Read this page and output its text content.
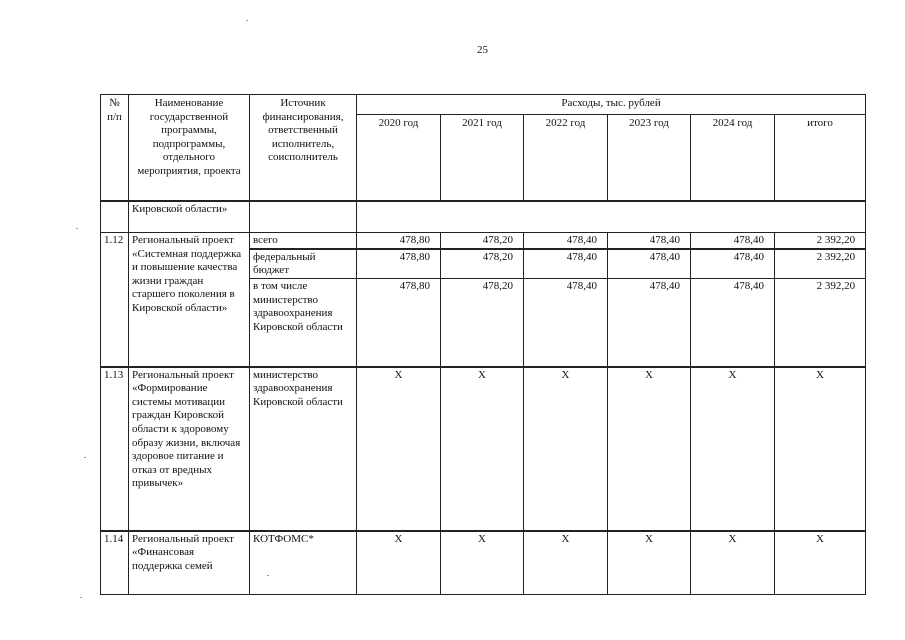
25
№ п/п	Наименование государственной программы, подпрограммы, отдельного мероприятия, проекта	Источник финансирования, ответственный исполнитель, соисполнитель	Расходы, тыс. рублей					
			2020 год	2021 год	2022 год	2023 год	2024 год	итого
	Кировской области»							
1.12	Региональный проект «Системная поддержка и повышение качества жизни граждан старшего поколения в Кировской области»	всего	478,80	478,20	478,40	478,40	478,40	2 392,20
		федеральный бюджет	478,80	478,20	478,40	478,40	478,40	2 392,20
		в том числе министерство здравоохранения Кировской области	478,80	478,20	478,40	478,40	478,40	2 392,20
1.13	Региональный проект «Формирование системы мотивации граждан Кировской области к здоровому образу жизни, включая здоровое питание и отказ от вредных привычек»	министерство здравоохранения Кировской области	X	X	X	X	X	X
1.14	Региональный проект «Финансовая поддержка семей	КОТФОМС*	X	X	X	X	X	X
